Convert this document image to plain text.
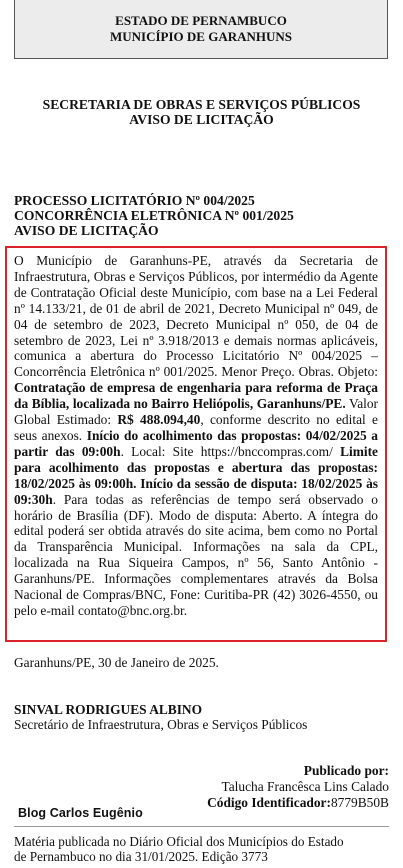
ESTADO DE PERNAMBUCO
MUNICÍPIO DE GARANHUNS
SECRETARIA DE OBRAS E SERVIÇOS PÚBLICOS
AVISO DE LICITAÇÃO
PROCESSO LICITATÓRIO Nº 004/2025
CONCORRÊNCIA ELETRÔNICA Nº 001/2025
AVISO DE LICITAÇÃO
O Município de Garanhuns-PE, através da Secretaria de Infraestrutura, Obras e Serviços Públicos, por intermédio da Agente de Contratação Oficial deste Município, com base na a Lei Federal nº 14.133/21, de 01 de abril de 2021, Decreto Municipal nº 049, de 04 de setembro de 2023, Decreto Municipal nº 050, de 04 de setembro de 2023, Lei nº 3.918/2013 e demais normas aplicáveis, comunica a abertura do Processo Licitatório Nº 004/2025 – Concorrência Eletrônica nº 001/2025. Menor Preço. Obras. Objeto: Contratação de empresa de engenharia para reforma de Praça da Bíblia, localizada no Bairro Heliópolis, Garanhuns/PE. Valor Global Estimado: R$ 488.094,40, conforme descrito no edital e seus anexos. Início do acolhimento das propostas: 04/02/2025 a partir das 09:00h. Local: Site https://bnccompras.com/ Limite para acolhimento das propostas e abertura das propostas: 18/02/2025 às 09:00h. Início da sessão de disputa: 18/02/2025 às 09:30h. Para todas as referências de tempo será observado o horário de Brasília (DF). Modo de disputa: Aberto. A íntegra do edital poderá ser obtida através do site acima, bem como no Portal da Transparência Municipal. Informações na sala da CPL, localizada na Rua Siqueira Campos, nº 56, Santo Antônio - Garanhuns/PE. Informações complementares através da Bolsa Nacional de Compras/BNC, Fone: Curitiba-PR (42) 3026-4550, ou pelo e-mail contato@bnc.org.br.
Garanhuns/PE, 30 de Janeiro de 2025.
SINVAL RODRIGUES ALBINO
Secretário de Infraestrutura, Obras e Serviços Públicos
Publicado por:
Talucha Francêsca Lins Calado
Código Identificador:8779B50B
Blog Carlos Eugênio
Matéria publicada no Diário Oficial dos Municípios do Estado
de Pernambuco no dia 31/01/2025. Edição 3773
